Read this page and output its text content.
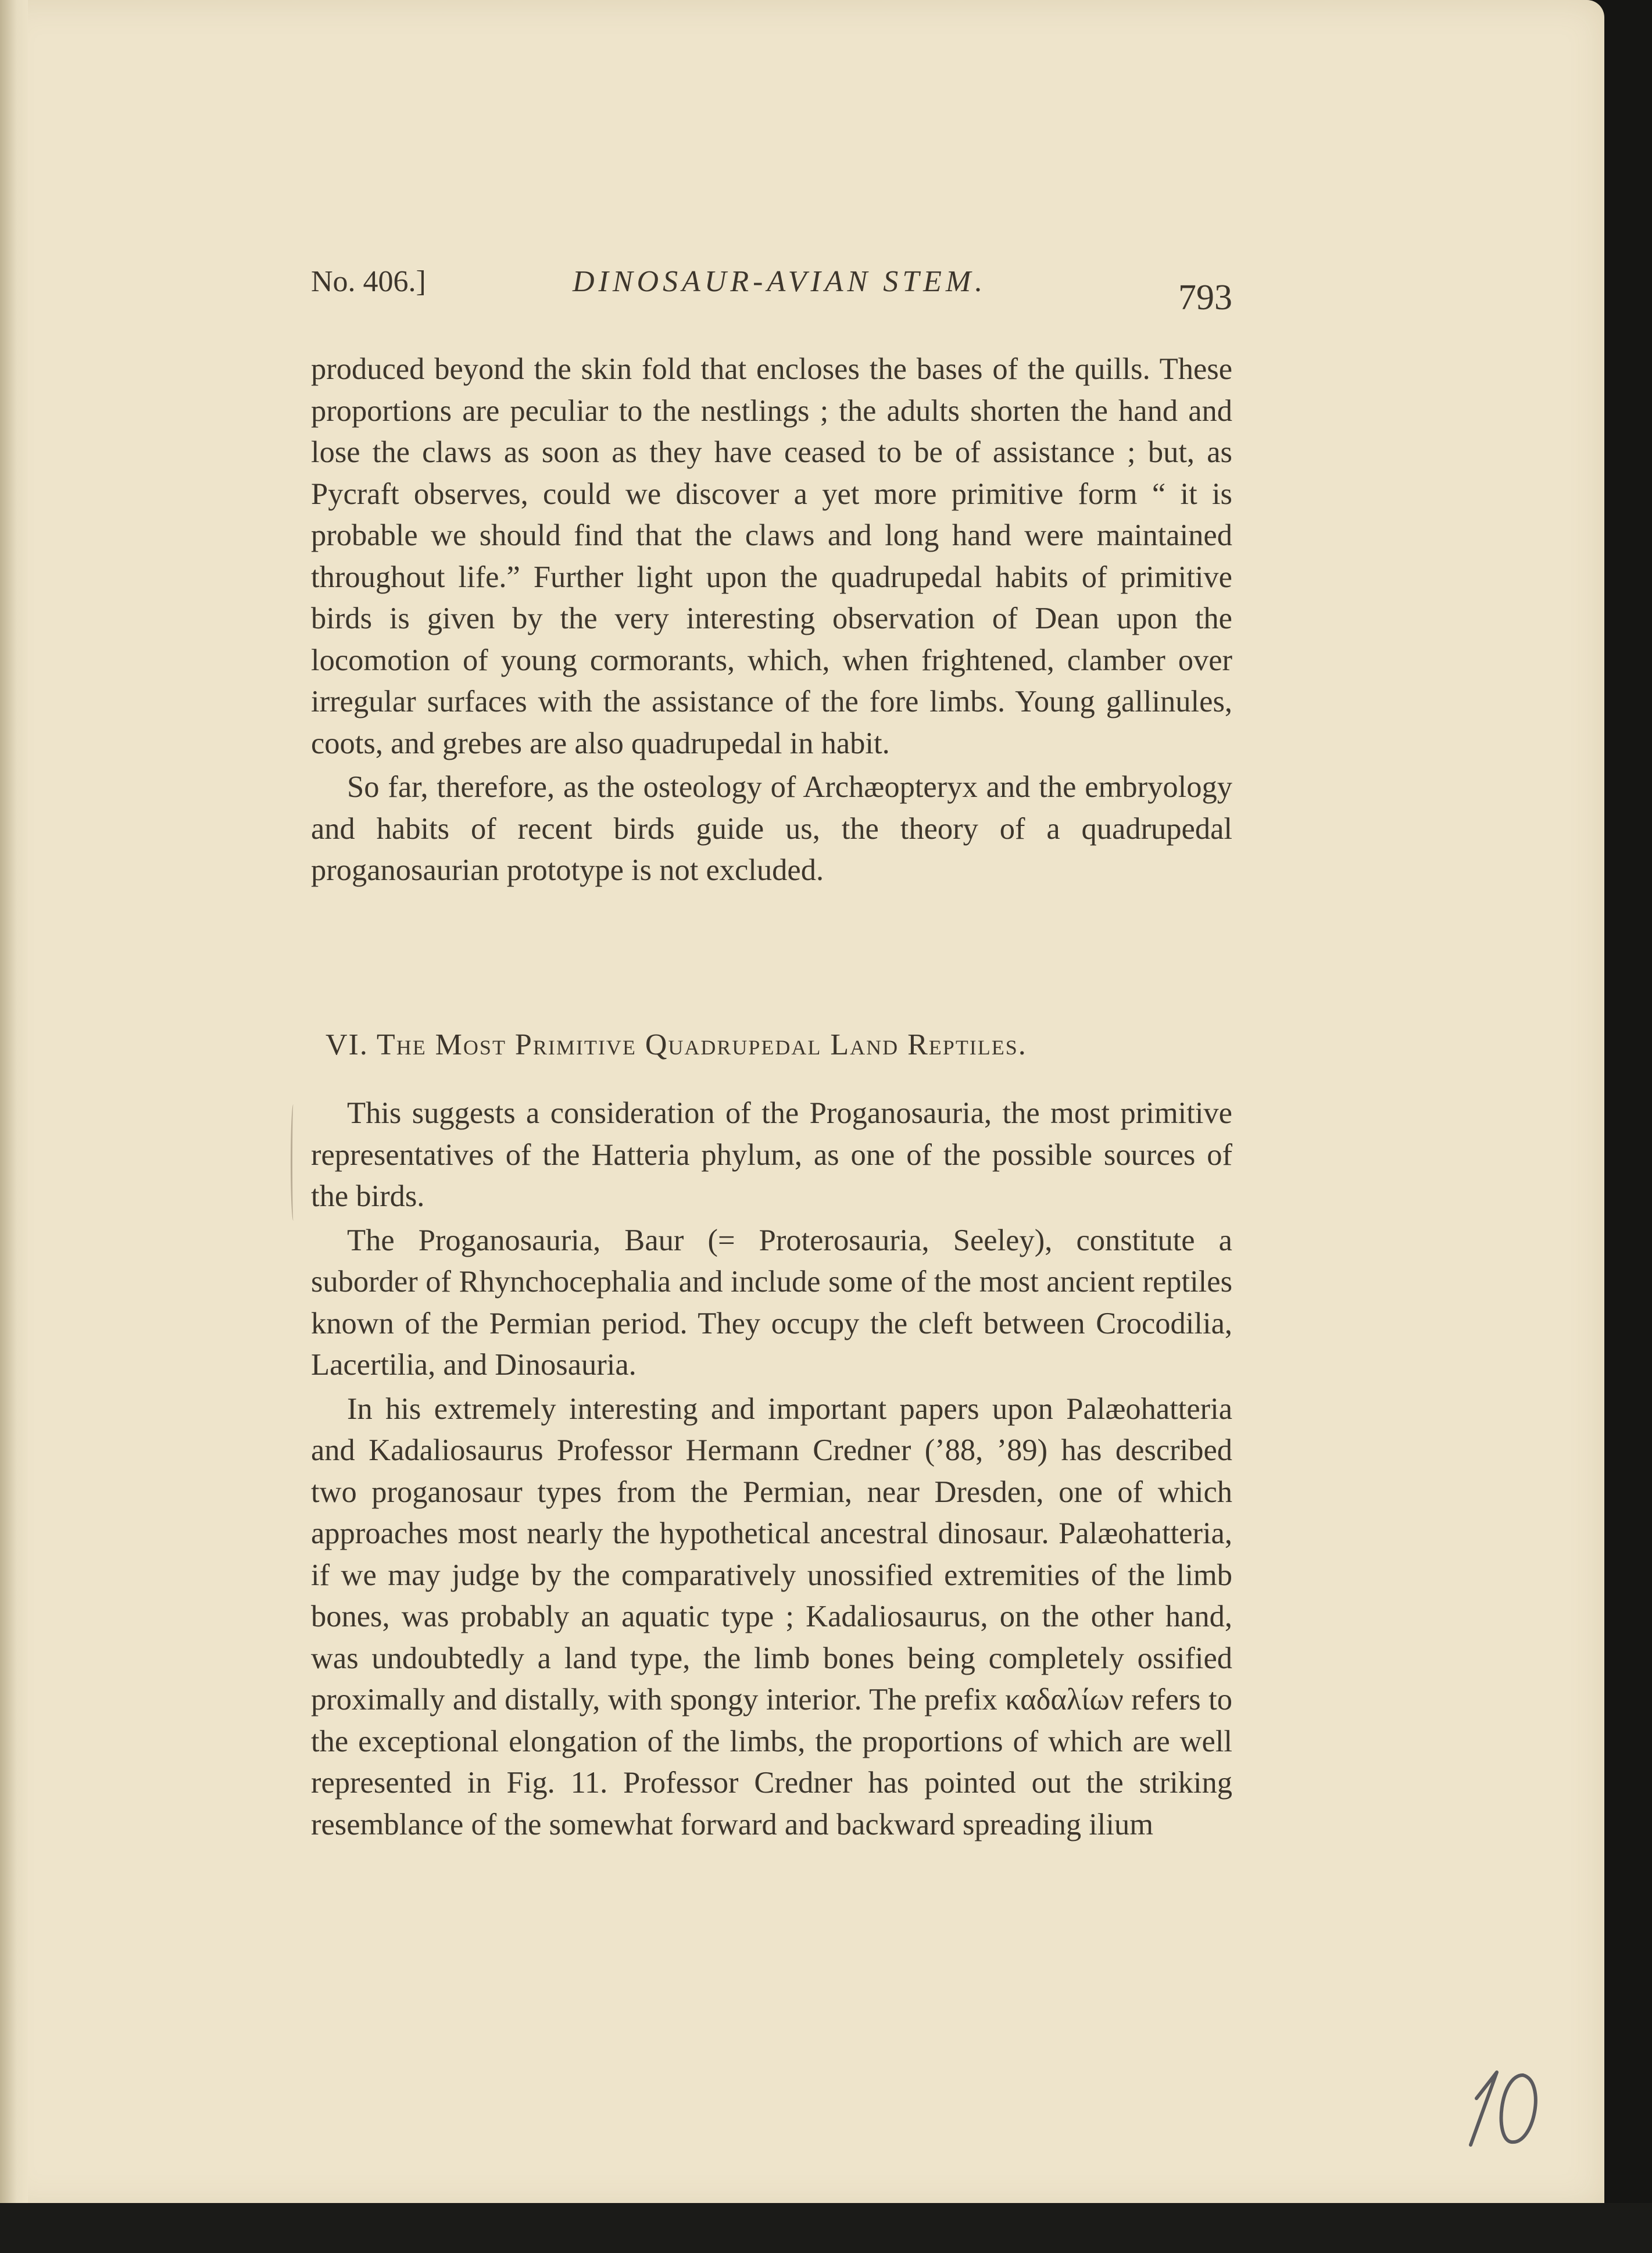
No. 406.]	DINOSAUR-AVIAN STEM.	793

produced beyond the skin fold that encloses the bases of the quills. These proportions are peculiar to the nestlings ; the adults shorten the hand and lose the claws as soon as they have ceased to be of assistance ; but, as Pycraft observes, could we discover a yet more primitive form “ it is probable we should find that the claws and long hand were maintained throughout life.” Further light upon the quadrupedal habits of primitive birds is given by the very interesting observation of Dean upon the locomotion of young cormorants, which, when frightened, clamber over irregular surfaces with the assistance of the fore limbs. Young gallinules, coots, and grebes are also quadrupedal in habit.

So far, therefore, as the osteology of Archæopteryx and the embryology and habits of recent birds guide us, the theory of a quadrupedal proganosaurian prototype is not excluded.

VI. The Most Primitive Quadrupedal Land Reptiles.

This suggests a consideration of the Proganosauria, the most primitive representatives of the Hatteria phylum, as one of the possible sources of the birds.

The Proganosauria, Baur (= Proterosauria, Seeley), constitute a suborder of Rhynchocephalia and include some of the most ancient reptiles known of the Permian period. They occupy the cleft between Crocodilia, Lacertilia, and Dinosauria.

In his extremely interesting and important papers upon Palæohatteria and Kadaliosaurus Professor Hermann Credner (’88, ’89) has described two proganosaur types from the Permian, near Dresden, one of which approaches most nearly the hypothetical ancestral dinosaur. Palæohatteria, if we may judge by the comparatively unossified extremities of the limb bones, was probably an aquatic type ; Kadaliosaurus, on the other hand, was undoubtedly a land type, the limb bones being completely ossified proximally and distally, with spongy interior. The prefix καδαλίων refers to the exceptional elongation of the limbs, the proportions of which are well represented in Fig. 11. Professor Credner has pointed out the striking resemblance of the somewhat forward and backward spreading ilium
